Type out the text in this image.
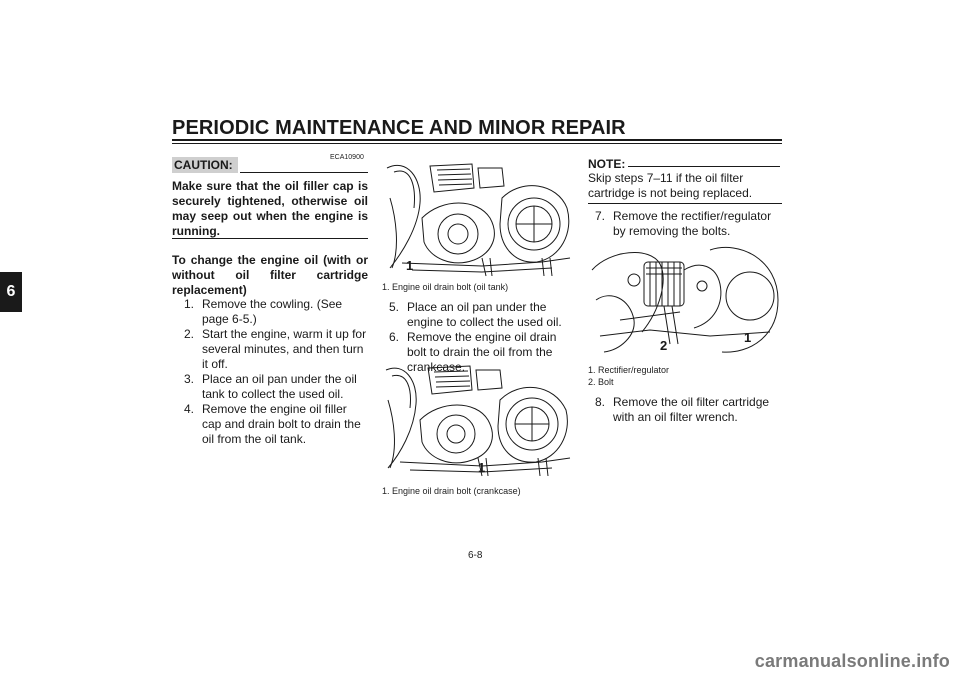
PERIODIC MAINTENANCE AND MINOR REPAIR
6
ECA10900
CAUTION:
Make sure that the oil filler cap is securely tightened, otherwise oil may seep out when the engine is running.
To change the engine oil (with or without oil filter cartridge replacement)
1. Remove the cowling. (See page 6-5.)
2. Start the engine, warm it up for several minutes, and then turn it off.
3. Place an oil pan under the oil tank to collect the used oil.
4. Remove the engine oil filler cap and drain bolt to drain the oil from the oil tank.
1
1. Engine oil drain bolt (oil tank)
5. Place an oil pan under the engine to collect the used oil.
6. Remove the engine oil drain bolt to drain the oil from the crankcase.
1
1. Engine oil drain bolt (crankcase)
NOTE:
Skip steps 7–11 if the oil filter cartridge is not being replaced.
7. Remove the rectifier/regulator by removing the bolts.
1
2
1. Rectifier/regulator
2. Bolt
8. Remove the oil filter cartridge with an oil filter wrench.
6-8
carmanualsonline.info
